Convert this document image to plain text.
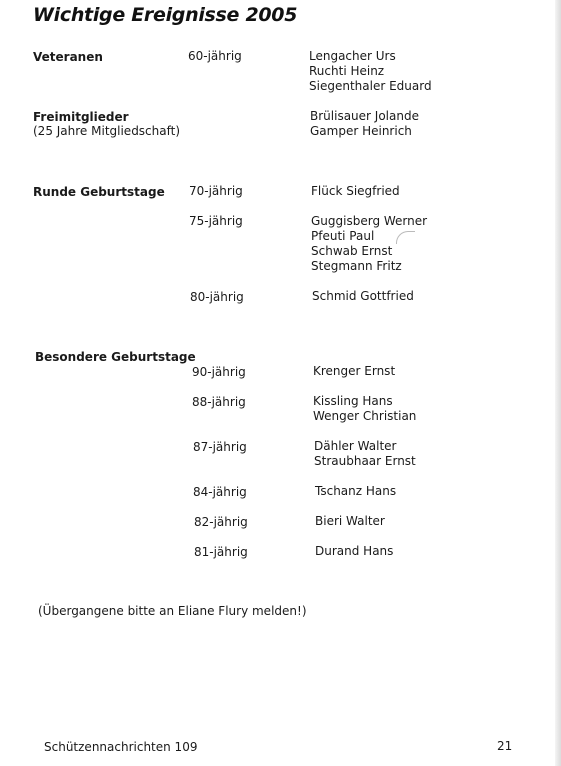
Wichtige Ereignisse 2005
Veteranen	60-jährig	Lengacher Urs
Ruchti Heinz
Siegenthaler Eduard
Freimitglieder
(25 Jahre Mitgliedschaft)
Brülisauer Jolande
Gamper Heinrich
Runde Geburtstage 70-jährig	Flück Siegfried
75-jährig	Guggisberg Werner
Pfeuti Paul
Schwab Ernst
Stegmann Fritz
80-jährig	Schmid Gottfried
Besondere Geburtstage
90-jährig	Krenger Ernst
88-jährig	Kissling Hans
Wenger Christian
87-jährig	Dähler Walter
Straubhaar Ernst
84-jährig	Tschanz Hans
82-jährig	Bieri Walter
81-jährig	Durand Hans
(Übergangene bitte an Eliane Flury melden!)
Schützennachrichten 109	21
